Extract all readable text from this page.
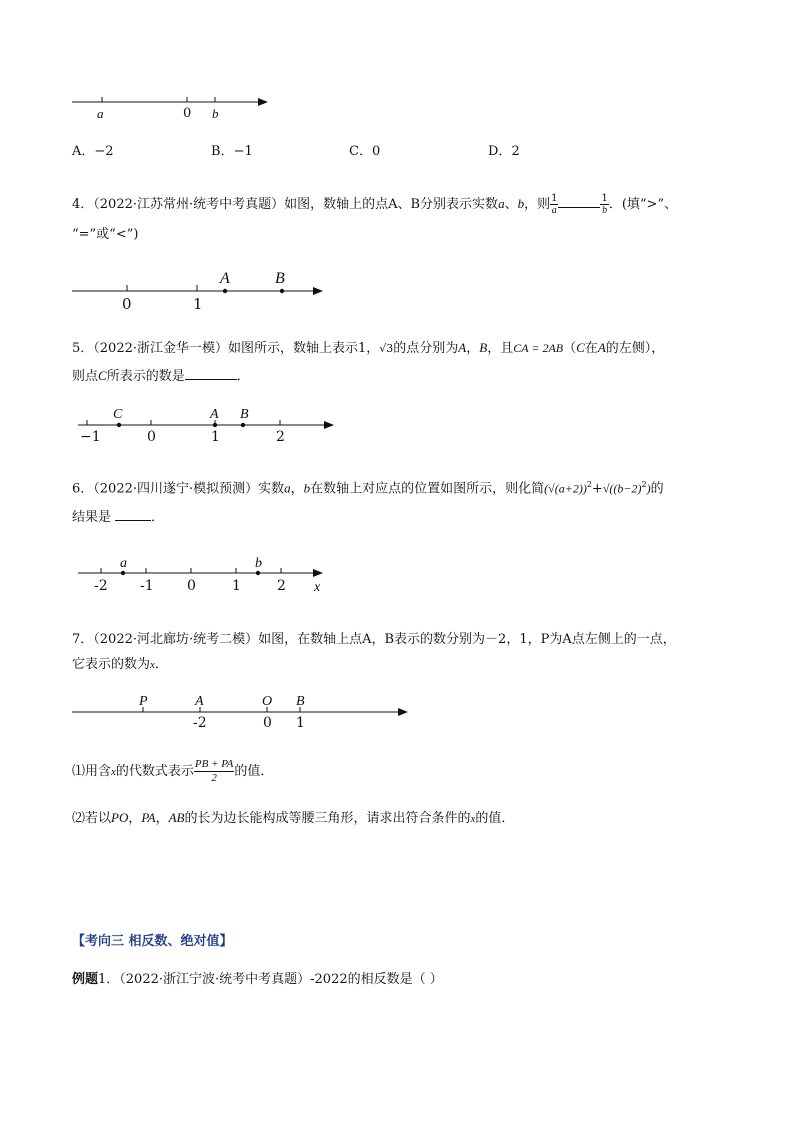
a	0 b
A．−2	B．−1	C．0	D．2
4．（2022·江苏常州·统考中考真题）如图，数轴上的点A、B分别表示实数a、b，则 $\frac{1}{a}$	$\frac{1}{b}$ ．(填“>”、
“=”或“<”)
0	1
A	B
5．（2022·浙江金华一模）如图所示，数轴上表示1，√3的点分别为A，B，且CA = 2AB（C在A的左侧），
则点C所表示的数是	．
−1	0	1	2
C	A B
6．（2022·四川遂宁·模拟预测）实数a，b在数轴上对应点的位置如图所示，则化简$(√(a+2))^2+√((b-2)^2)$的
结果是	．
-2 -1 0	1	2
a	b
x
7．（2022·河北廊坊·统考二模）如图，在数轴上点A，B表示的数分别为－2，1，P为A点左侧上的一点，
它表示的数为x．
P	A	O B
-2	0 1
⑴用含x的代数式表示 $\frac{PB + PA}{2}$ 的值．
⑵若以PO，PA，AB的长为边长能构成等腰三角形，请求出符合条件的x的值．
【考向三 相反数、绝对值】
例题1．（2022·浙江宁波·统考中考真题）-2022的相反数是（ ）
